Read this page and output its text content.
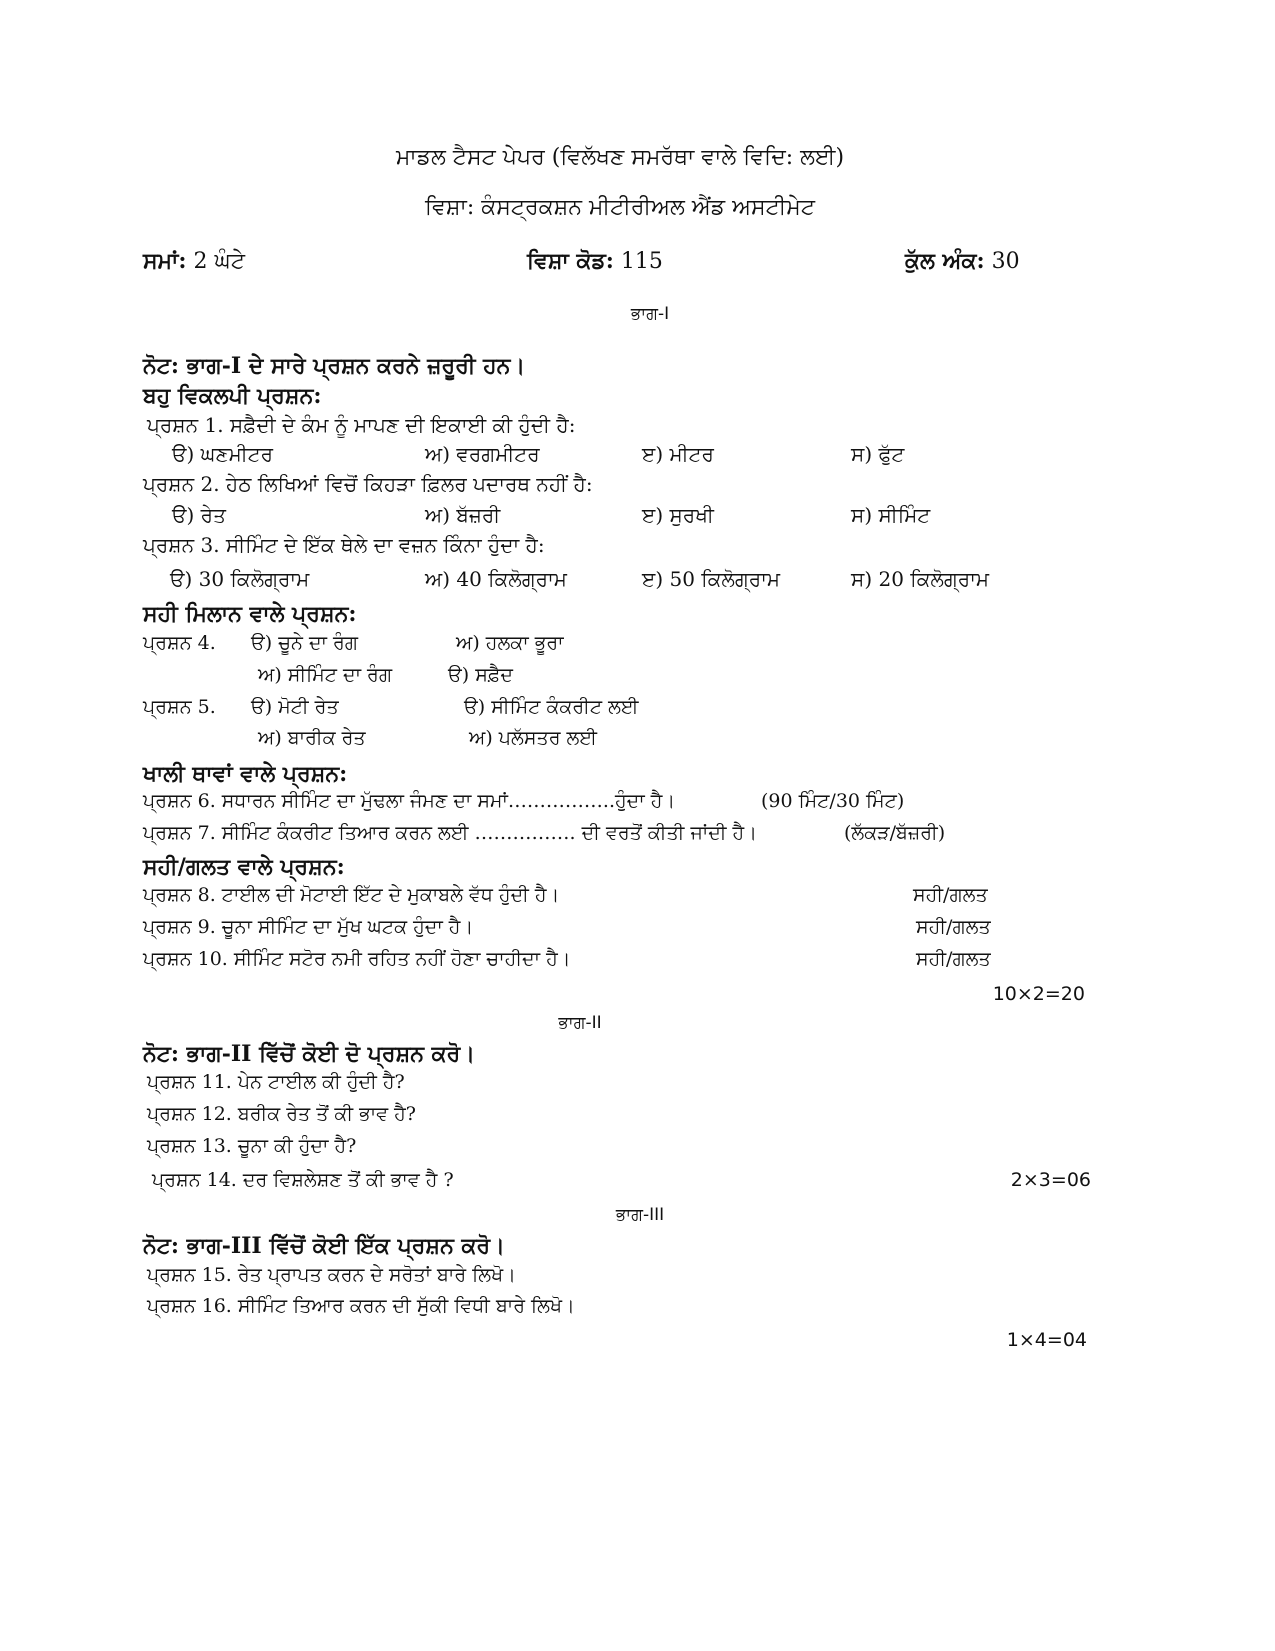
ਮਾਡਲ ਟੈਸਟ ਪੇਪਰ (ਵਿਲੱਖਣ ਸਮਰੱਥਾ ਵਾਲੇ ਵਿਦਿ: ਲਈ)
ਵਿਸ਼ਾ: ਕੰਸਟ੍ਰਕਸ਼ਨ ਮੀਟੀਰੀਅਲ ਐਂਡ ਅਸਟੀਮੇਟ
ਸਮਾਂ: 2 ਘੰਟੇ	ਵਿਸ਼ਾ ਕੋਡ: 115	ਕੁੱਲ ਅੰਕ: 30
ਭਾਗ-I
ਨੋਟ: ਭਾਗ-I ਦੇ ਸਾਰੇ ਪ੍ਰਸ਼ਨ ਕਰਨੇ ਜ਼ਰੂਰੀ ਹਨ।
ਬਹੁ ਵਿਕਲਪੀ ਪ੍ਰਸ਼ਨ:
ਪ੍ਰਸ਼ਨ 1. ਸਫ਼ੈਦੀ ਦੇ ਕੰਮ ਨੂੰ ਮਾਪਣ ਦੀ ਇਕਾਈ ਕੀ ਹੁੰਦੀ ਹੈ:
ੳ) ਘਣਮੀਟਰ	ਅ) ਵਰਗਮੀਟਰ	ੲ) ਮੀਟਰ	ਸ) ਫੁੱਟ
ਪ੍ਰਸ਼ਨ 2. ਹੇਠ ਲਿਖਿਆਂ ਵਿਚੋਂ ਕਿਹੜਾ ਫ਼ਿਲਰ ਪਦਾਰਥ ਨਹੀਂ ਹੈ:
ੳ) ਰੇਤ	ਅ) ਬੱਜ਼ਰੀ	ੲ) ਸੁਰਖੀ	ਸ) ਸੀਮਿੰਟ
ਪ੍ਰਸ਼ਨ 3. ਸੀਮਿੰਟ ਦੇ ਇੱਕ ਥੇਲੇ ਦਾ ਵਜ਼ਨ ਕਿੰਨਾ ਹੁੰਦਾ ਹੈ:
ੳ) 30 ਕਿਲੋਗ੍ਰਾਮ	ਅ) 40 ਕਿਲੋਗ੍ਰਾਮ	ੲ) 50 ਕਿਲੋਗ੍ਰਾਮ	ਸ) 20 ਕਿਲੋਗ੍ਰਾਮ
ਸਹੀ ਮਿਲਾਨ ਵਾਲੇ ਪ੍ਰਸ਼ਨ:
ਪ੍ਰਸ਼ਨ 4. ੳ) ਚੂਨੇ ਦਾ ਰੰਗ	ਅ) ਹਲਕਾ ਭੂਰਾ
ਅ) ਸੀਮਿੰਟ ਦਾ ਰੰਗ	ੳ) ਸਫ਼ੈਦ
ਪ੍ਰਸ਼ਨ 5. ੳ) ਮੋਟੀ ਰੇਤ	ੳ) ਸੀਮਿੰਟ ਕੰਕਰੀਟ ਲਈ
ਅ) ਬਾਰੀਕ ਰੇਤ	ਅ) ਪਲੱਸਤਰ ਲਈ
ਖਾਲੀ ਥਾਵਾਂ ਵਾਲੇ ਪ੍ਰਸ਼ਨ:
ਪ੍ਰਸ਼ਨ 6. ਸਧਾਰਨ ਸੀਮਿੰਟ ਦਾ ਮੁੱਢਲਾ ਜੰਮਣ ਦਾ ਸਮਾਂ……………..ਹੁੰਦਾ ਹੈ।	(90 ਮਿੰਟ/30 ਮਿੰਟ)
ਪ੍ਰਸ਼ਨ 7. ਸੀਮਿੰਟ ਕੰਕਰੀਟ ਤਿਆਰ ਕਰਨ ਲਈ ……………. ਦੀ ਵਰਤੋਂ ਕੀਤੀ ਜਾਂਦੀ ਹੈ।	(ਲੱਕੜ/ਬੱਜ਼ਰੀ)
ਸਹੀ/ਗਲਤ ਵਾਲੇ ਪ੍ਰਸ਼ਨ:
ਪ੍ਰਸ਼ਨ 8. ਟਾਈਲ ਦੀ ਮੋਟਾਈ ਇੱਟ ਦੇ ਮੁਕਾਬਲੇ ਵੱਧ ਹੁੰਦੀ ਹੈ।	ਸਹੀ/ਗਲਤ
ਪ੍ਰਸ਼ਨ 9. ਚੂਨਾ ਸੀਮਿੰਟ ਦਾ ਮੁੱਖ ਘਟਕ ਹੁੰਦਾ ਹੈ।	ਸਹੀ/ਗਲਤ
ਪ੍ਰਸ਼ਨ 10. ਸੀਮਿੰਟ ਸਟੋਰ ਨਮੀ ਰਹਿਤ ਨਹੀਂ ਹੋਣਾ ਚਾਹੀਦਾ ਹੈ।	ਸਹੀ/ਗਲਤ
10×2=20
ਭਾਗ-II
ਨੋਟ: ਭਾਗ-II ਵਿੱਚੋਂ ਕੋਈ ਦੋ ਪ੍ਰਸ਼ਨ ਕਰੋ।
ਪ੍ਰਸ਼ਨ 11. ਪੇਨ ਟਾਈਲ ਕੀ ਹੁੰਦੀ ਹੈ?
ਪ੍ਰਸ਼ਨ 12. ਬਰੀਕ ਰੇਤ ਤੋਂ ਕੀ ਭਾਵ ਹੈ?
ਪ੍ਰਸ਼ਨ 13. ਚੂਨਾ ਕੀ ਹੁੰਦਾ ਹੈ?
ਪ੍ਰਸ਼ਨ 14. ਦਰ ਵਿਸ਼ਲੇਸ਼ਣ ਤੋਂ ਕੀ ਭਾਵ ਹੈ ?	2×3=06
ਭਾਗ-III
ਨੋਟ: ਭਾਗ-III ਵਿੱਚੋਂ ਕੋਈ ਇੱਕ ਪ੍ਰਸ਼ਨ ਕਰੋ।
ਪ੍ਰਸ਼ਨ 15. ਰੇਤ ਪ੍ਰਾਪਤ ਕਰਨ ਦੇ ਸਰੋਤਾਂ ਬਾਰੇ ਲਿਖੋ।
ਪ੍ਰਸ਼ਨ 16. ਸੀਮਿੰਟ ਤਿਆਰ ਕਰਨ ਦੀ ਸੁੱਕੀ ਵਿਧੀ ਬਾਰੇ ਲਿਖੋ।
1×4=04
